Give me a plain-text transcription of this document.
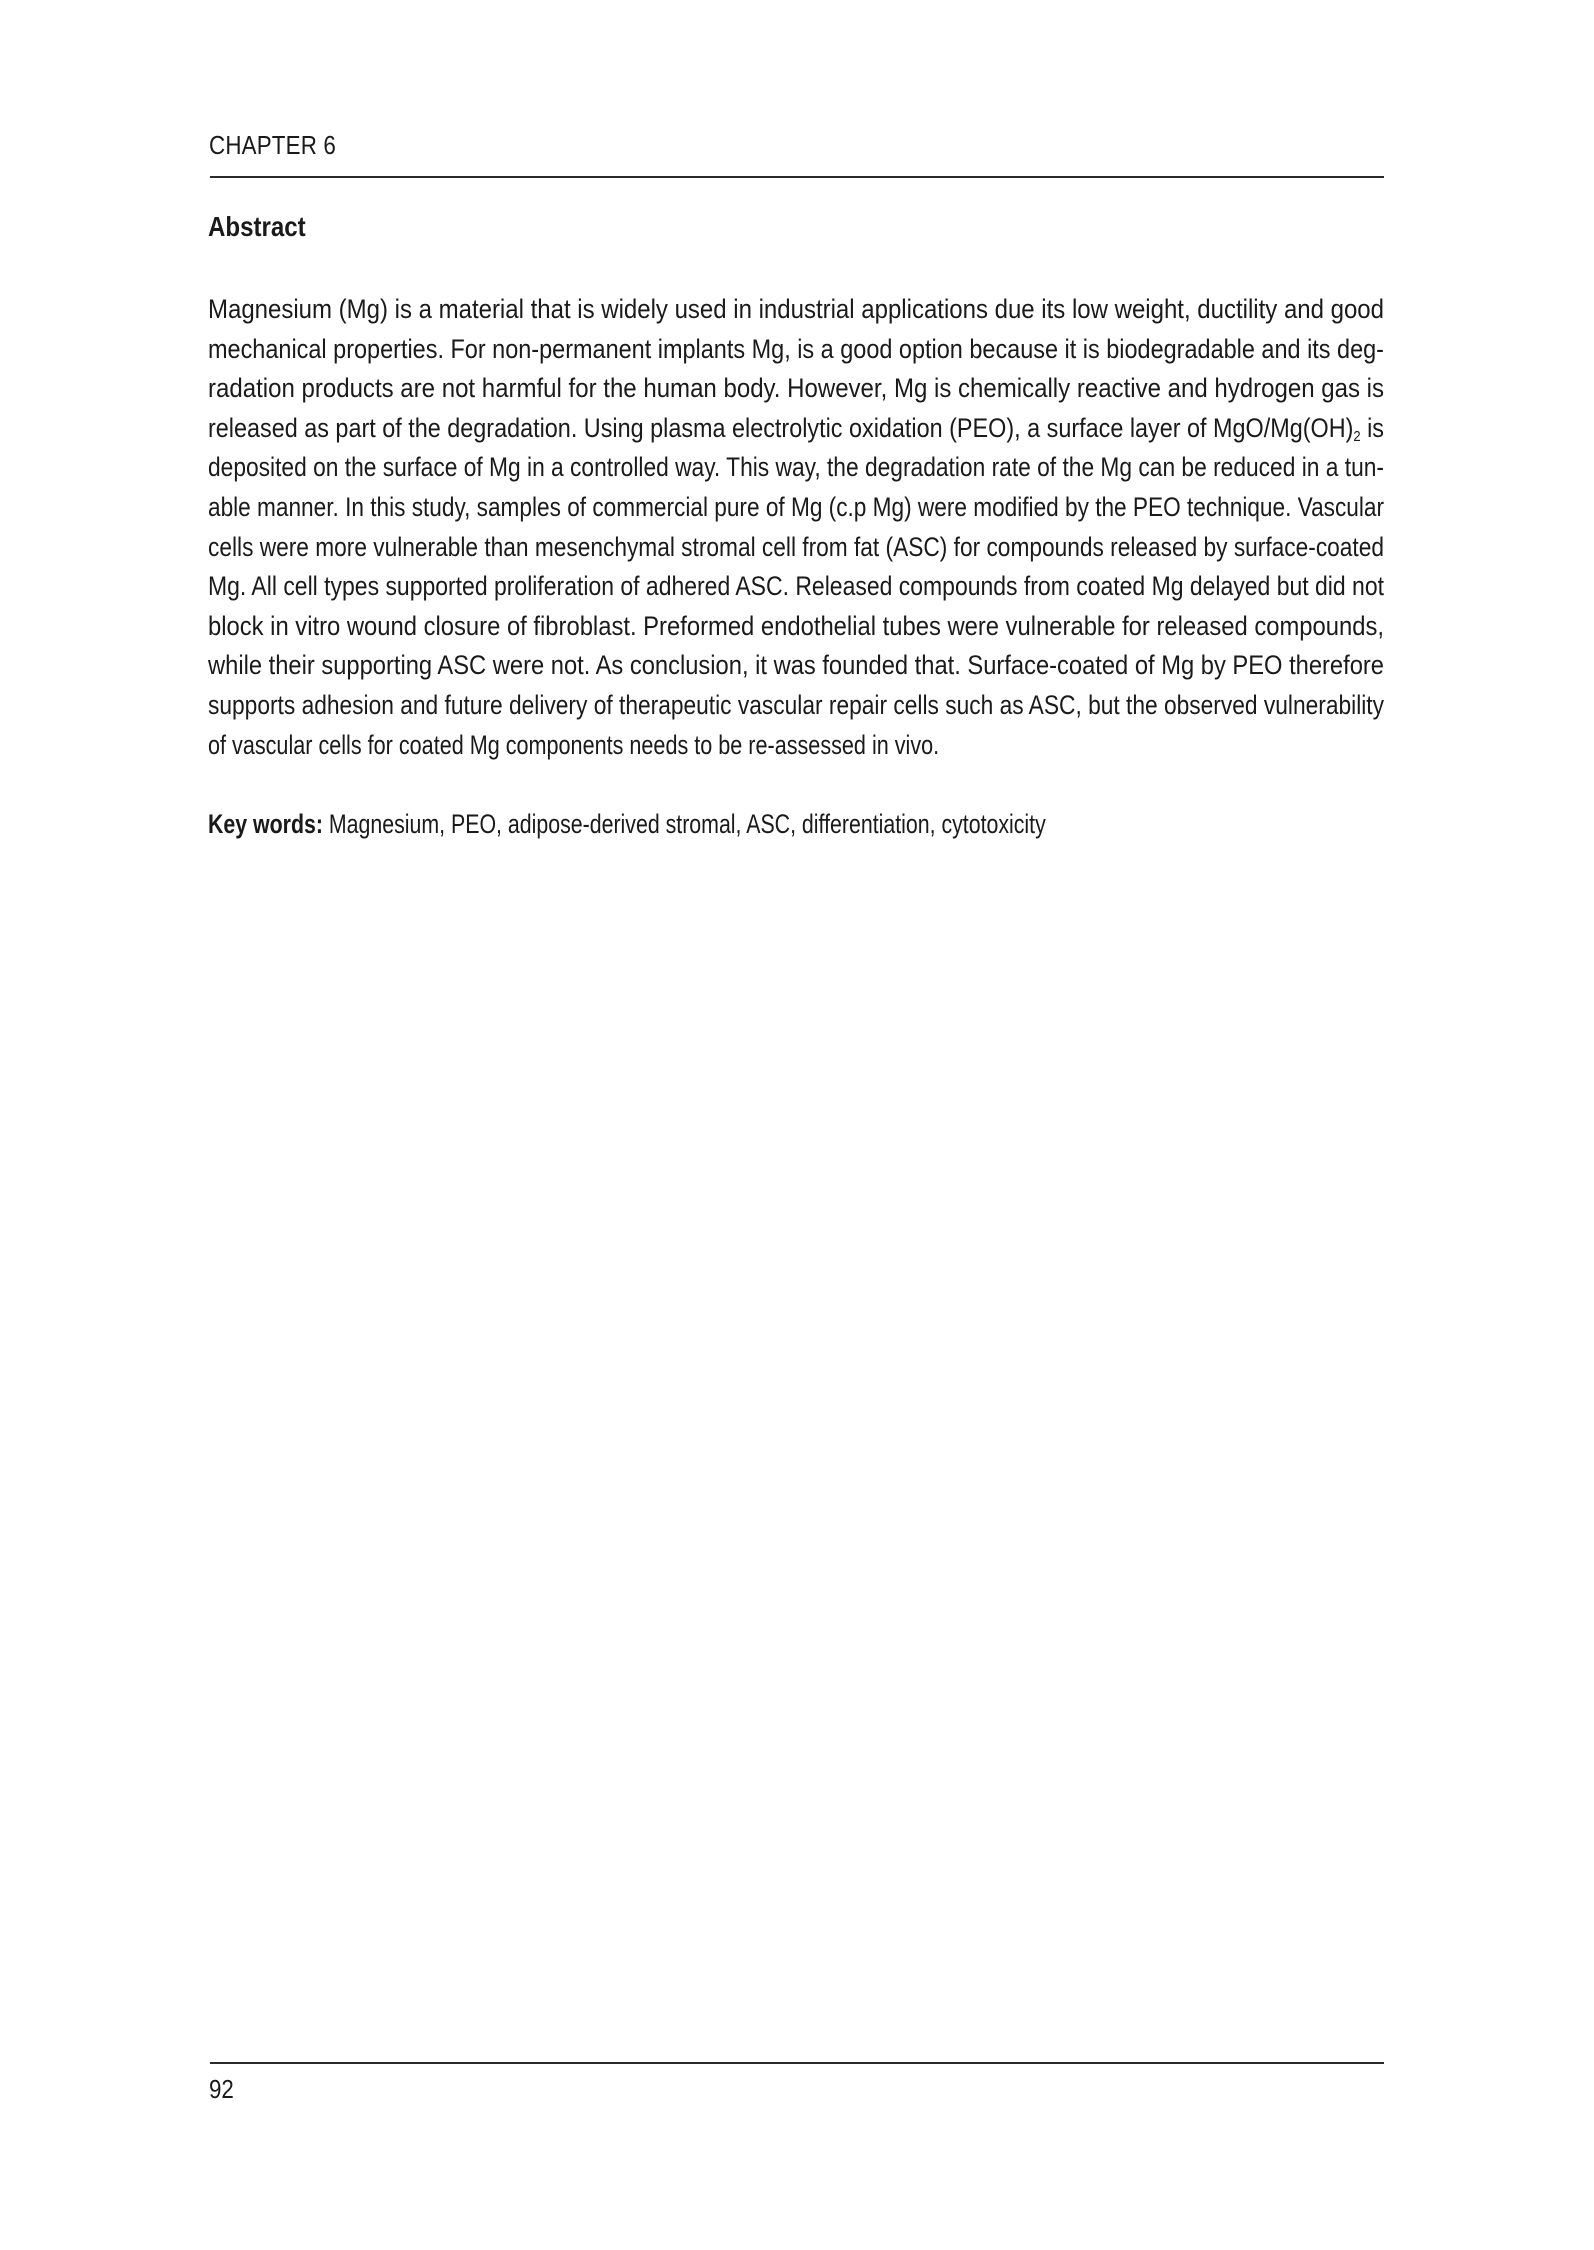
CHAPTER 6
Abstract
Magnesium (Mg) is a material that is widely used in industrial applications due its low weight, ductility and good
mechanical properties. For non-permanent implants Mg, is a good option because it is biodegradable and its deg-
radation products are not harmful for the human body. However, Mg is chemically reactive and hydrogen gas is
released as part of the degradation. Using plasma electrolytic oxidation (PEO), a surface layer of MgO/$Mg(OH)_2$ is
deposited on the surface of Mg in a controlled way. This way, the degradation rate of the Mg can be reduced in a tun-
able manner. In this study, samples of commercial pure of Mg (c.p Mg) were modified by the PEO technique. Vascular
cells were more vulnerable than mesenchymal stromal cell from fat (ASC) for compounds released by surface-coated
Mg. All cell types supported proliferation of adhered ASC. Released compounds from coated Mg delayed but did not
block in vitro wound closure of fibroblast. Preformed endothelial tubes were vulnerable for released compounds,
while their supporting ASC were not. As conclusion, it was founded that. Surface-coated of Mg by PEO therefore
supports adhesion and future delivery of therapeutic vascular repair cells such as ASC, but the observed vulnerability
of vascular cells for coated Mg components needs to be re-assessed in vivo.
Key words: Magnesium, PEO, adipose-derived stromal, ASC, differentiation, cytotoxicity
92
